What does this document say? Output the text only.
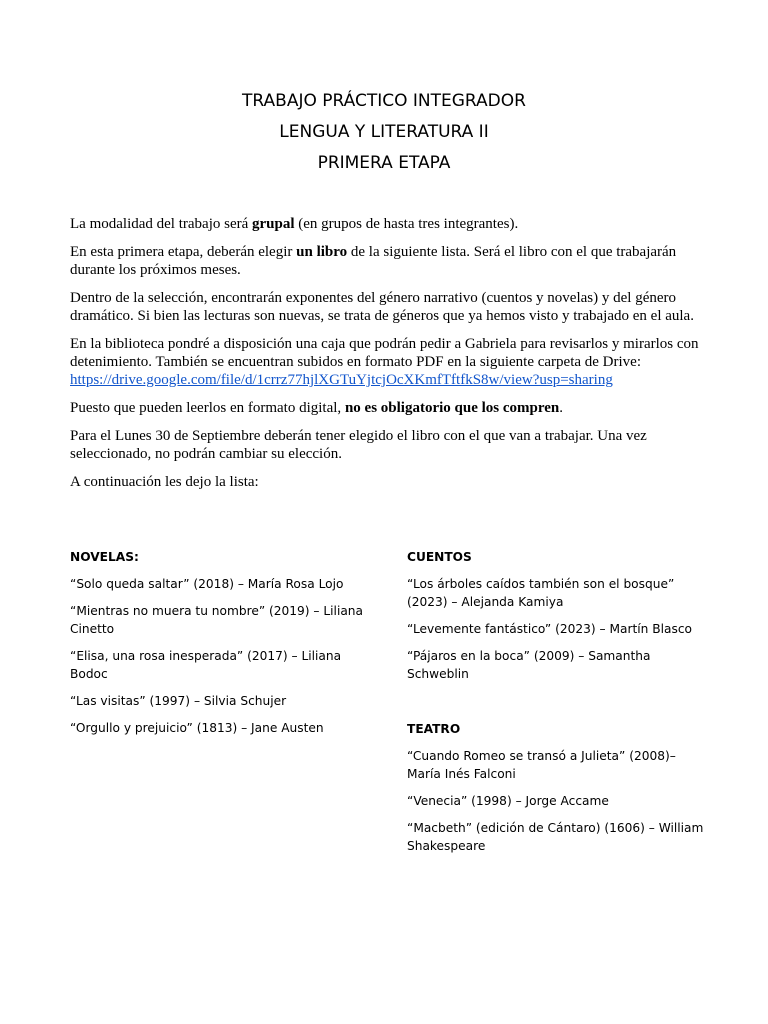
TRABAJO PRÁCTICO INTEGRADOR
LENGUA Y LITERATURA II
PRIMERA ETAPA

La modalidad del trabajo será grupal (en grupos de hasta tres integrantes).

En esta primera etapa, deberán elegir un libro de la siguiente lista. Será el libro con el que trabajarán durante los próximos meses.

Dentro de la selección, encontrarán exponentes del género narrativo (cuentos y novelas) y del género dramático. Si bien las lecturas son nuevas, se trata de géneros que ya hemos visto y trabajado en el aula.

En la biblioteca pondré a disposición una caja que podrán pedir a Gabriela para revisarlos y mirarlos con detenimiento. También se encuentran subidos en formato PDF en la siguiente carpeta de Drive: https://drive.google.com/file/d/1crrz77hjlXGTuYjtcjOcXKmfTftfkS8w/view?usp=sharing

Puesto que pueden leerlos en formato digital, no es obligatorio que los compren.

Para el Lunes 30 de Septiembre deberán tener elegido el libro con el que van a trabajar. Una vez seleccionado, no podrán cambiar su elección.

A continuación les dejo la lista:

NOVELAS:
“Solo queda saltar” (2018) – María Rosa Lojo
“Mientras no muera tu nombre” (2019) – Liliana Cinetto
“Elisa, una rosa inesperada” (2017) – Liliana Bodoc
“Las visitas” (1997) – Silvia Schujer
“Orgullo y prejuicio” (1813) – Jane Austen
CUENTOS
“Los árboles caídos también son el bosque” (2023) – Alejanda Kamiya
“Levemente fantástico” (2023) – Martín Blasco
“Pájaros en la boca” (2009) – Samantha Schweblin
TEATRO
“Cuando Romeo se transó a Julieta” (2008)– María Inés Falconi
“Venecia” (1998) – Jorge Accame
“Macbeth” (edición de Cántaro) (1606) – William Shakespeare
